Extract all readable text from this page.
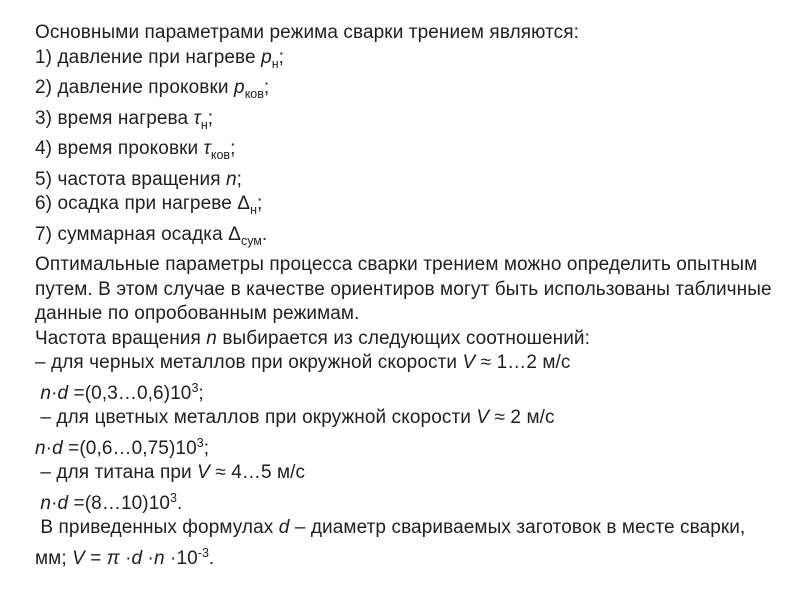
Основными параметрами режима сварки трением являются:
1) давление при нагреве $p_н$;
2) давление проковки $p_{ков}$;
3) время нагрева $\tau_н$;
4) время проковки $\tau_{ков}$;
5) частота вращения n;
6) осадка при нагреве $\Delta_н$;
7) суммарная осадка $\Delta_{сум}$.
Оптимальные параметры процесса сварки трением можно определить опытным
путем. В этом случае в качестве ориентиров могут быть использованы табличные
данные по опробованным режимам.
Частота вращения n выбирается из следующих соотношений:
– для черных металлов при окружной скорости V ≈ 1…2 м/с
$n\cdot d =(0,3\dots 0,6)10^3$;
– для цветных металлов при окружной скорости V ≈ 2 м/с
$n\cdot d =(0,6\dots 0,75)10^3$;
– для титана при V ≈ 4…5 м/с
$n\cdot d =(8\dots 10)10^3$.
В приведенных формулах d – диаметр свариваемых заготовок в месте сварки,
мм; $V = \pi \cdot d \cdot n \cdot 10^{-3}$.
